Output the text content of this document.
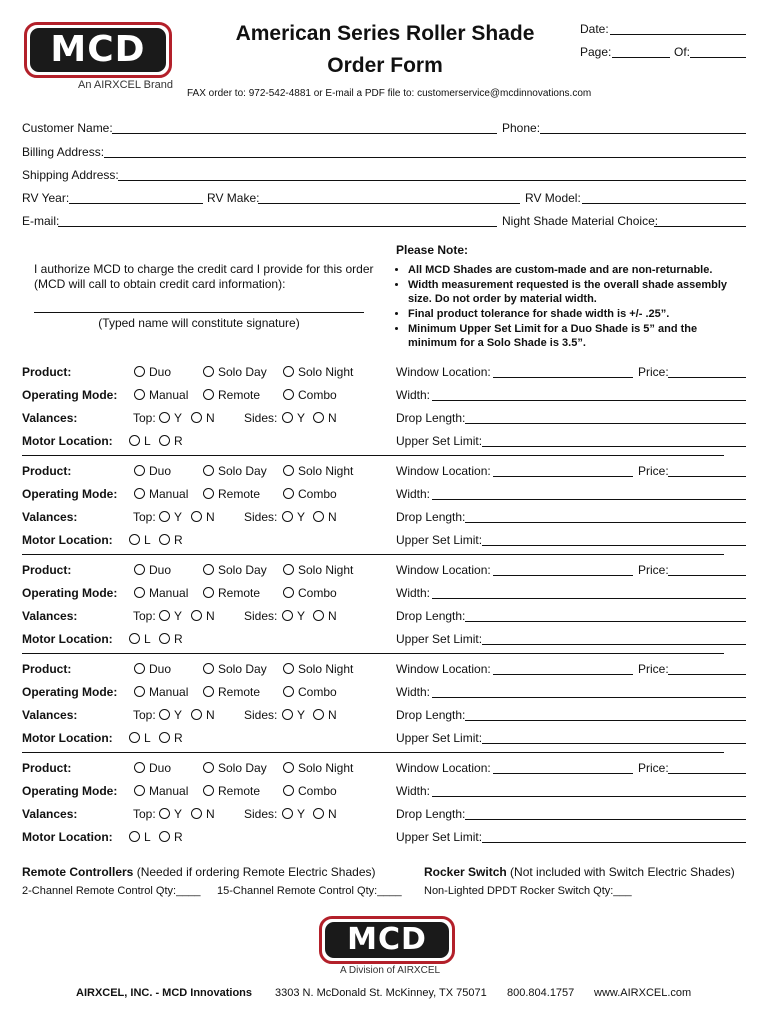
MCD
An AIRXCEL Brand
American Series Roller Shade
Order Form
FAX order to: 972-542-4881 or E-mail a PDF file to: customerservice@mcdinnovations.com
Date:
Page:	Of:
Customer Name:	Phone:
Billing Address:
Shipping Address:
RV Year:	RV Make:	RV Model:
E-mail:	Night Shade Material Choice:
I authorize MCD to charge the credit card I provide for this order
(MCD will call to obtain credit card information):
(Typed name will constitute signature)
Please Note:
• All MCD Shades are custom-made and are non-returnable.
• Width measurement requested is the overall shade assembly size. Do not order by material width.
• Final product tolerance for shade width is +/- .25”.
• Minimum Upper Set Limit for a Duo Shade is 5” and the minimum for a Solo Shade is 3.5”.
Product:	Duo	Solo Day	Solo Night
Operating Mode:	Manual	Remote	Combo
Valances:	Top:	Y	N Sides:	Y	N
Motor Location:	L	R
Window Location:	Price:
Width:
Drop Length:
Upper Set Limit:
Product:	Duo	Solo Day	Solo Night
Operating Mode:	Manual	Remote	Combo
Valances:	Top:	Y	N Sides:	Y	N
Motor Location:	L	R
Window Location:	Price:
Width:
Drop Length:
Upper Set Limit:
Product:	Duo	Solo Day	Solo Night
Operating Mode:	Manual	Remote	Combo
Valances:	Top:	Y	N Sides:	Y	N
Motor Location:	L	R
Window Location:	Price:
Width:
Drop Length:
Upper Set Limit:
Product:	Duo	Solo Day	Solo Night
Operating Mode:	Manual	Remote	Combo
Valances:	Top:	Y	N Sides:	Y	N
Motor Location:	L	R
Window Location:	Price:
Width:
Drop Length:
Upper Set Limit:
Product:	Duo	Solo Day	Solo Night
Operating Mode:	Manual	Remote	Combo
Valances:	Top:	Y	N Sides:	Y	N
Motor Location:	L	R
Window Location:	Price:
Width:
Drop Length:
Upper Set Limit:
Remote Controllers (Needed if ordering Remote Electric Shades)
2-Channel Remote Control Qty:____ 15-Channel Remote Control Qty:____
Rocker Switch (Not included with Switch Electric Shades)
Non-Lighted DPDT Rocker Switch Qty:___
MCD
A Division of AIRXCEL
AIRXCEL, INC. - MCD Innovations 3303 N. McDonald St. McKinney, TX 75071 800.804.1757 www.AIRXCEL.com
